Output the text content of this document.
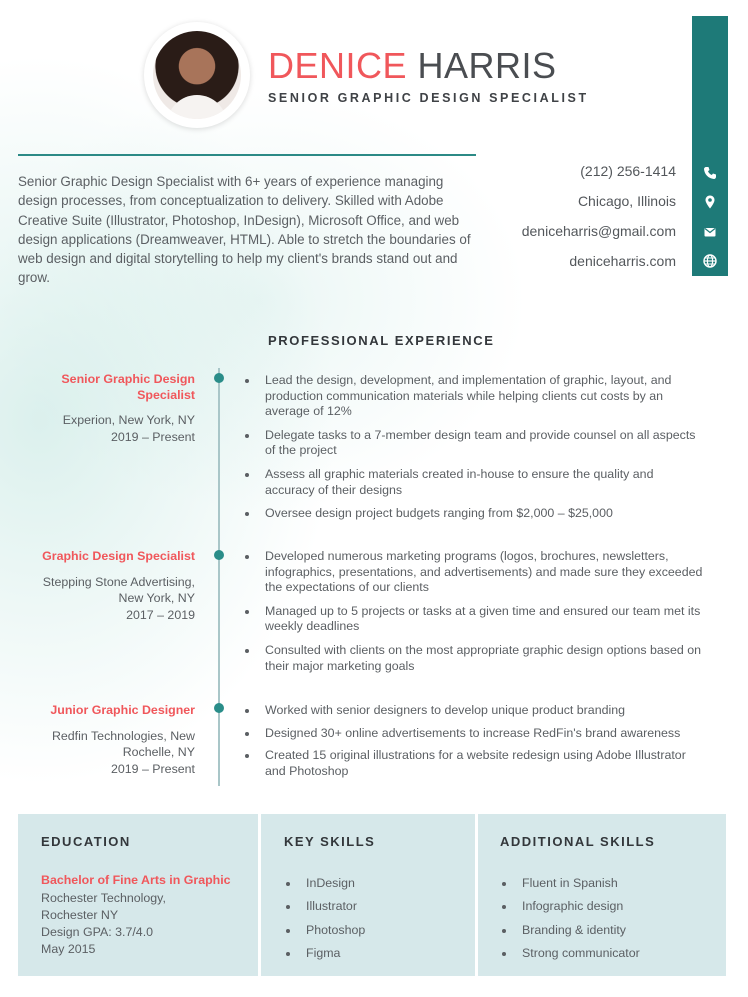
DENICE HARRIS
SENIOR GRAPHIC DESIGN SPECIALIST
(212) 256-1414
Chicago, Illinois
deniceharris@gmail.com
deniceharris.com
Senior Graphic Design Specialist with 6+ years of experience managing design processes, from conceptualization to delivery. Skilled with Adobe Creative Suite (Illustrator, Photoshop, InDesign), Microsoft Office, and web design applications (Dreamweaver, HTML). Able to stretch the boundaries of web design and digital storytelling to help my client's brands stand out and grow.
PROFESSIONAL EXPERIENCE
Senior Graphic Design Specialist
Experion, New York, NY
2019 – Present
Lead the design, development, and implementation of graphic, layout, and production communication materials while helping clients cut costs by an average of 12%
Delegate tasks to a 7-member design team and provide counsel on all aspects of the project
Assess all graphic materials created in-house to ensure the quality and accuracy of their designs
Oversee design project budgets ranging from $2,000 – $25,000
Graphic Design Specialist
Stepping Stone Advertising, New York, NY
2017 – 2019
Developed numerous marketing programs (logos, brochures, newsletters, infographics, presentations, and advertisements) and made sure they exceeded the expectations of our clients
Managed up to 5 projects or tasks at a given time and ensured our team met its weekly deadlines
Consulted with clients on the most appropriate graphic design options based on their major marketing goals
Junior Graphic Designer
Redfin Technologies, New Rochelle, NY
2019 – Present
Worked with senior designers to develop unique product branding
Designed 30+ online advertisements to increase RedFin's brand awareness
Created 15 original illustrations for a website redesign using Adobe Illustrator and Photoshop
EDUCATION
Bachelor of Fine Arts in Graphic
Rochester Technology,
Rochester NY
Design GPA: 3.7/4.0
May 2015
KEY SKILLS
InDesign
Illustrator
Photoshop
Figma
ADDITIONAL SKILLS
Fluent in Spanish
Infographic design
Branding & identity
Strong communicator
